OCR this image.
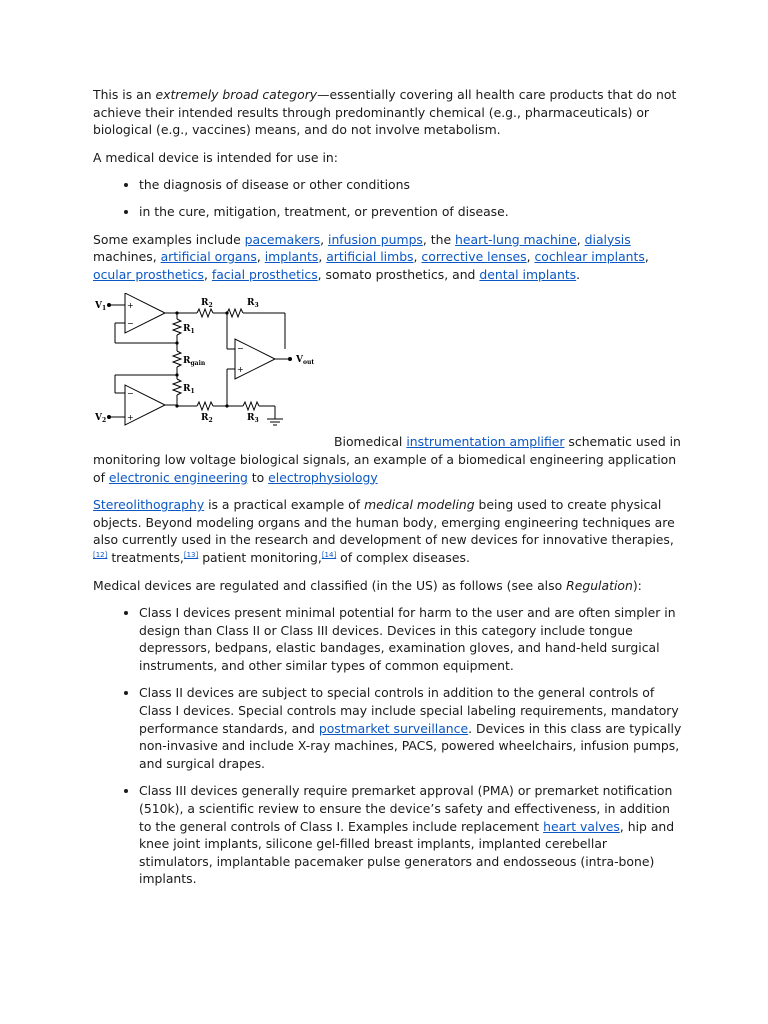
This is an extremely broad category—essentially covering all health care products that do not achieve their intended results through predominantly chemical (e.g., pharmaceuticals) or biological (e.g., vaccines) means, and do not involve metabolism.

A medical device is intended for use in:

• the diagnosis of disease or other conditions
• in the cure, mitigation, treatment, or prevention of disease.

Some examples include pacemakers, infusion pumps, the heart-lung machine, dialysis machines, artificial organs, implants, artificial limbs, corrective lenses, cochlear implants, ocular prosthetics, facial prosthetics, somato prosthetics, and dental implants.

$V_1$
$V_2$
$R_2$	$R_3$
$R_1$
$R_{gain}$
$R_1$
$R_2$	$R_3$
$V_{out}$
+
−
−
+
−
+

Biomedical instrumentation amplifier schematic used in monitoring low voltage biological signals, an example of a biomedical engineering application of electronic engineering to electrophysiology

Stereolithography is a practical example of medical modeling being used to create physical objects. Beyond modeling organs and the human body, emerging engineering techniques are also currently used in the research and development of new devices for innovative therapies,[12] treatments,[13] patient monitoring,[14] of complex diseases.

Medical devices are regulated and classified (in the US) as follows (see also Regulation):

• Class I devices present minimal potential for harm to the user and are often simpler in design than Class II or Class III devices. Devices in this category include tongue depressors, bedpans, elastic bandages, examination gloves, and hand-held surgical instruments, and other similar types of common equipment.
• Class II devices are subject to special controls in addition to the general controls of Class I devices. Special controls may include special labeling requirements, mandatory performance standards, and postmarket surveillance. Devices in this class are typically non-invasive and include X-ray machines, PACS, powered wheelchairs, infusion pumps, and surgical drapes.
• Class III devices generally require premarket approval (PMA) or premarket notification (510k), a scientific review to ensure the device’s safety and effectiveness, in addition to the general controls of Class I. Examples include replacement heart valves, hip and knee joint implants, silicone gel-filled breast implants, implanted cerebellar stimulators, implantable pacemaker pulse generators and endosseous (intra-bone) implants.
